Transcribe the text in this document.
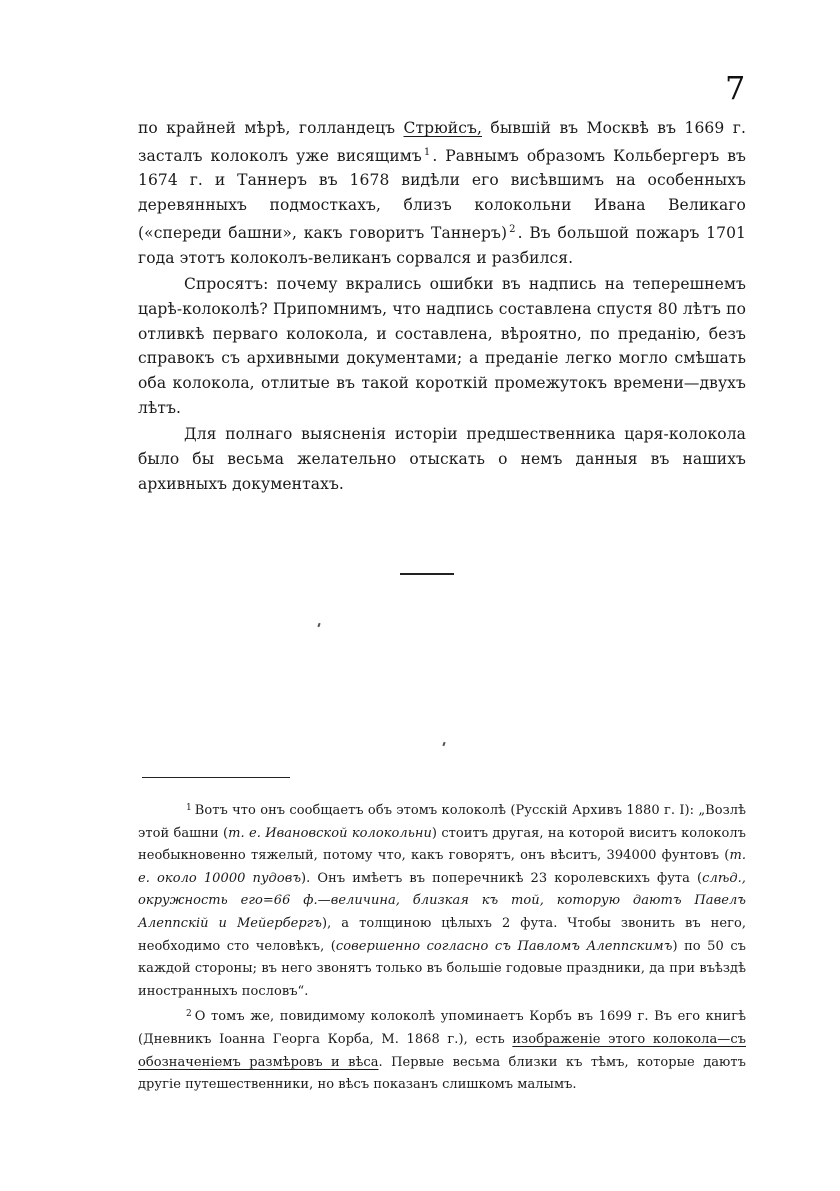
7

по крайней мѣрѣ, голландецъ Стрюйсъ, бывшій въ Москвѣ въ 1669 г. засталъ колоколъ уже висящимъ $^1$ . Равнымъ образомъ Кольбергеръ въ 1674 г. и Таннеръ въ 1678 видѣли его висѣвшимъ на особенныхъ деревянныхъ подмосткахъ, близъ колокольни Ивана Великаго («спереди башни», какъ говоритъ Таннеръ) $^2$ . Въ большой пожаръ 1701 года этотъ колоколъ-великанъ сорвался и разбился.

Спросятъ: почему вкрались ошибки въ надпись на теперешнемъ царѣ-колоколѣ? Припомнимъ, что надпись составлена спустя 80 лѣтъ по отливкѣ перваго колокола, и составлена, вѣроятно, по преданію, безъ справокъ съ архивными документами; а преданіе легко могло смѣшать оба колокола, отлитые въ такой короткій промежутокъ времени—двухъ лѣтъ.

Для полнаго выясненія исторіи предшественника царя-колокола было бы весьма желательно отыскать о немъ данныя въ нашихъ архивныхъ документахъ.

$^1$ Вотъ что онъ сообщаетъ объ этомъ колоколѣ (Русскій Архивъ 1880 г. I): „Возлѣ этой башни (т. е. Ивановской колокольни) стоитъ другая, на которой виситъ колоколъ необыкновенно тяжелый, потому что, какъ говорятъ, онъ вѣситъ, 394000 фунтовъ (т. е. около 10000 пудовъ). Онъ имѣетъ въ поперечникѣ 23 королевскихъ фута (слѣд., окружность его=66 ф.—величина, близкая къ той, которую даютъ Павелъ Алеппскій и Мейербергъ), а толщиною цѣлыхъ 2 фута. Чтобы звонить въ него, необходимо сто человѣкъ, (совершенно согласно съ Павломъ Алеппскимъ) по 50 съ каждой стороны; въ него звонятъ только въ большіе годовые праздники, да при въѣздѣ иностранныхъ пословъ“.

$^2$ О томъ же, повидимому колоколѣ упоминаетъ Корбъ въ 1699 г. Въ его книгѣ (Дневникъ Іоанна Георга Корба, М. 1868 г.), есть изображеніе этого колокола—съ обозначеніемъ размѣровъ и вѣса. Первые весьма близки къ тѣмъ, которые даютъ другіе путешественники, но вѣсъ показанъ слишкомъ малымъ.
